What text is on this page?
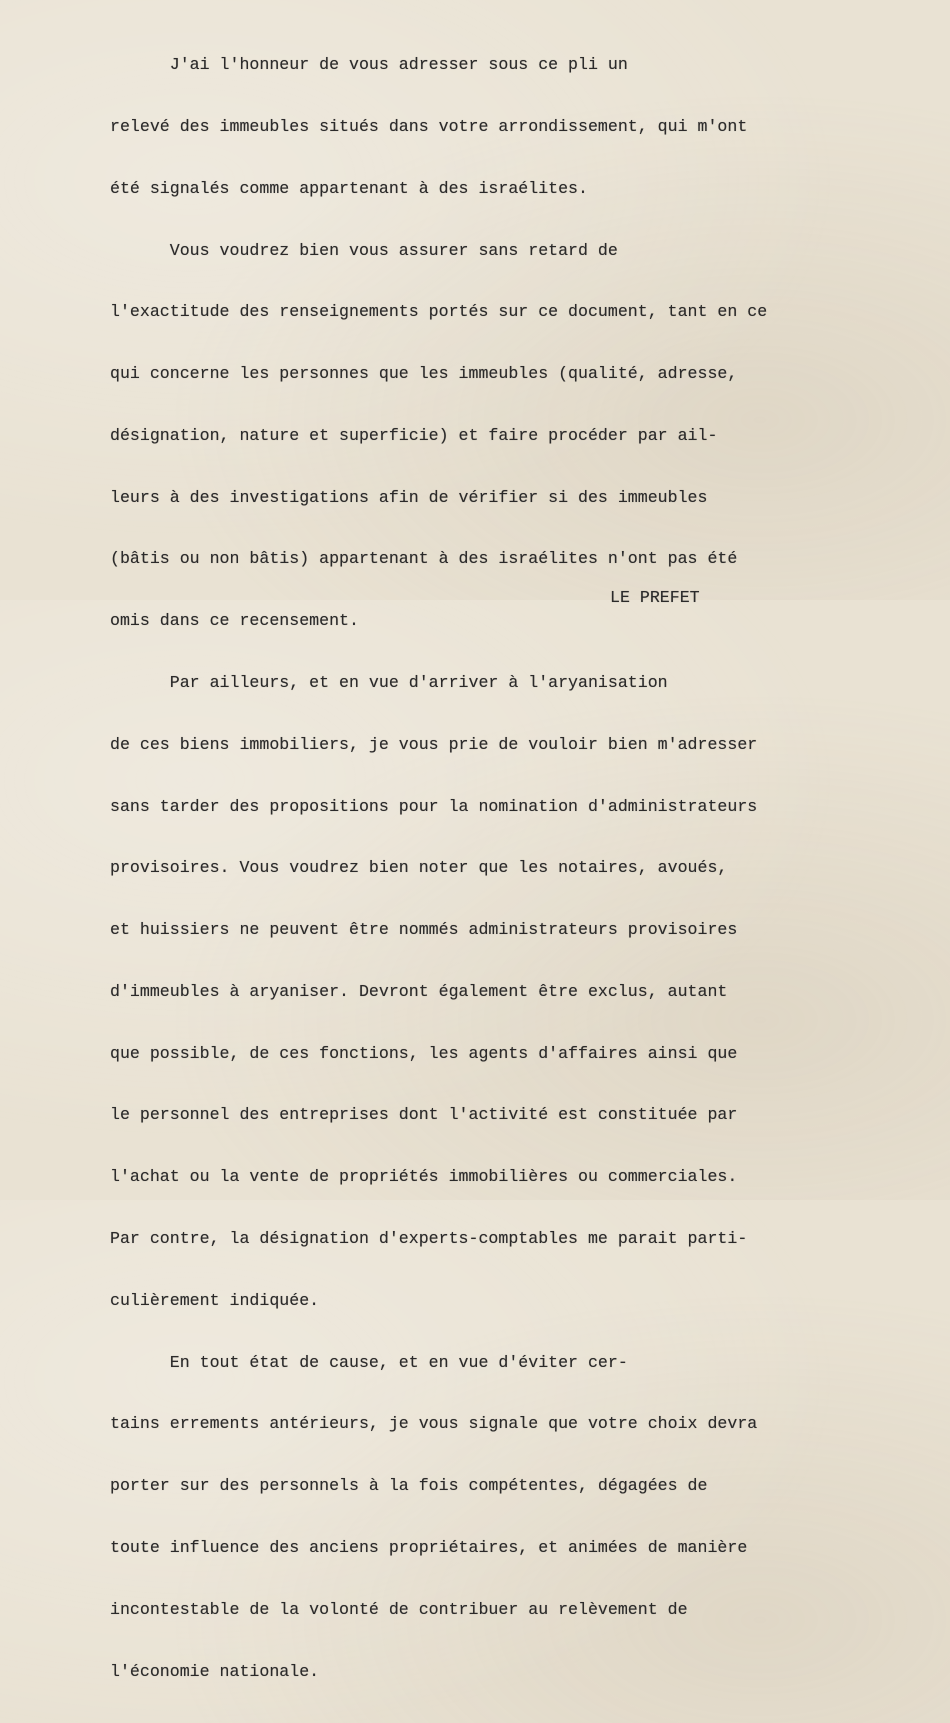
J'ai l'honneur de vous adresser sous ce pli un

relevé des immeubles situés dans votre arrondissement, qui m'ont

été signalés comme appartenant à des israélites.

Vous voudrez bien vous assurer sans retard de

l'exactitude des renseignements portés sur ce document, tant en ce

qui concerne les personnes que les immeubles (qualité, adresse,

désignation, nature et superficie) et faire procéder par ail-

leurs à des investigations afin de vérifier si des immeubles

(bâtis ou non bâtis) appartenant à des israélites n'ont pas été

omis dans ce recensement.

Par ailleurs, et en vue d'arriver à l'aryanisation

de ces biens immobiliers, je vous prie de vouloir bien m'adresser

sans tarder des propositions pour la nomination d'administrateurs

provisoires. Vous voudrez bien noter que les notaires, avoués,

et huissiers ne peuvent être nommés administrateurs provisoires

d'immeubles à aryaniser. Devront également être exclus, autant

que possible, de ces fonctions, les agents d'affaires ainsi que

le personnel des entreprises dont l'activité est constituée par

l'achat ou la vente de propriétés immobilières ou commerciales.

Par contre, la désignation d'experts-comptables me parait parti-

culièrement indiquée.

En tout état de cause, et en vue d'éviter cer-

tains errements antérieurs, je vous signale que votre choix devra

porter sur des personnels à la fois compétentes, dégagées de

toute influence des anciens propriétaires, et animées de manière

incontestable de la volonté de contribuer au relèvement de

l'économie nationale.

LE PREFET
